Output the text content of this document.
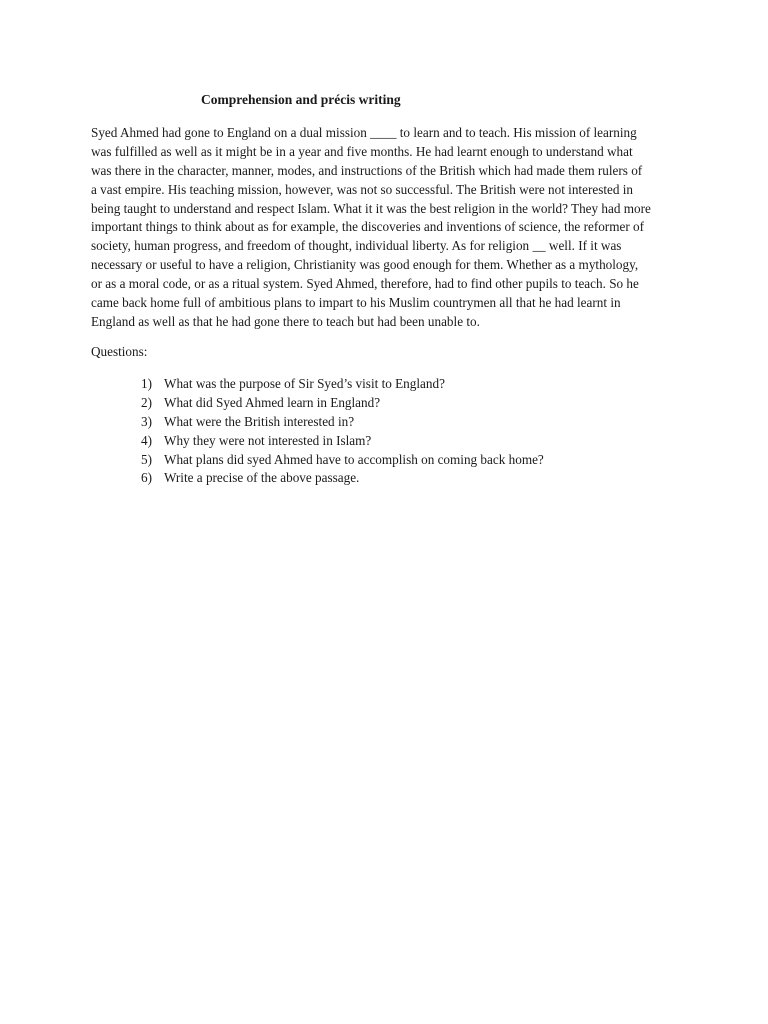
Comprehension and précis writing
Syed Ahmed had gone to England on a dual mission ____ to learn and to teach. His mission of learning
was fulfilled as well as it might be in a year and five months. He had learnt enough to understand what
was there in the character, manner, modes, and instructions of the British which had made them rulers of
a vast empire. His teaching mission, however, was not so successful. The British were not interested in
being taught to understand and respect Islam. What it it was the best religion in the world? They had more
important things to think about as for example, the discoveries and inventions of science, the reformer of
society, human progress, and freedom of thought, individual liberty. As for religion __ well. If it was
necessary or useful to have a religion, Christianity was good enough for them. Whether as a mythology,
or as a moral code, or as a ritual system. Syed Ahmed, therefore, had to find other pupils to teach. So he
came back home full of ambitious plans to impart to his Muslim countrymen all that he had learnt in
England as well as that he had gone there to teach but had been unable to.

Questions:

1) What was the purpose of Sir Syed’s visit to England?
2) What did Syed Ahmed learn in England?
3) What were the British interested in?
4) Why they were not interested in Islam?
5) What plans did syed Ahmed have to accomplish on coming back home?
6) Write a precise of the above passage.
